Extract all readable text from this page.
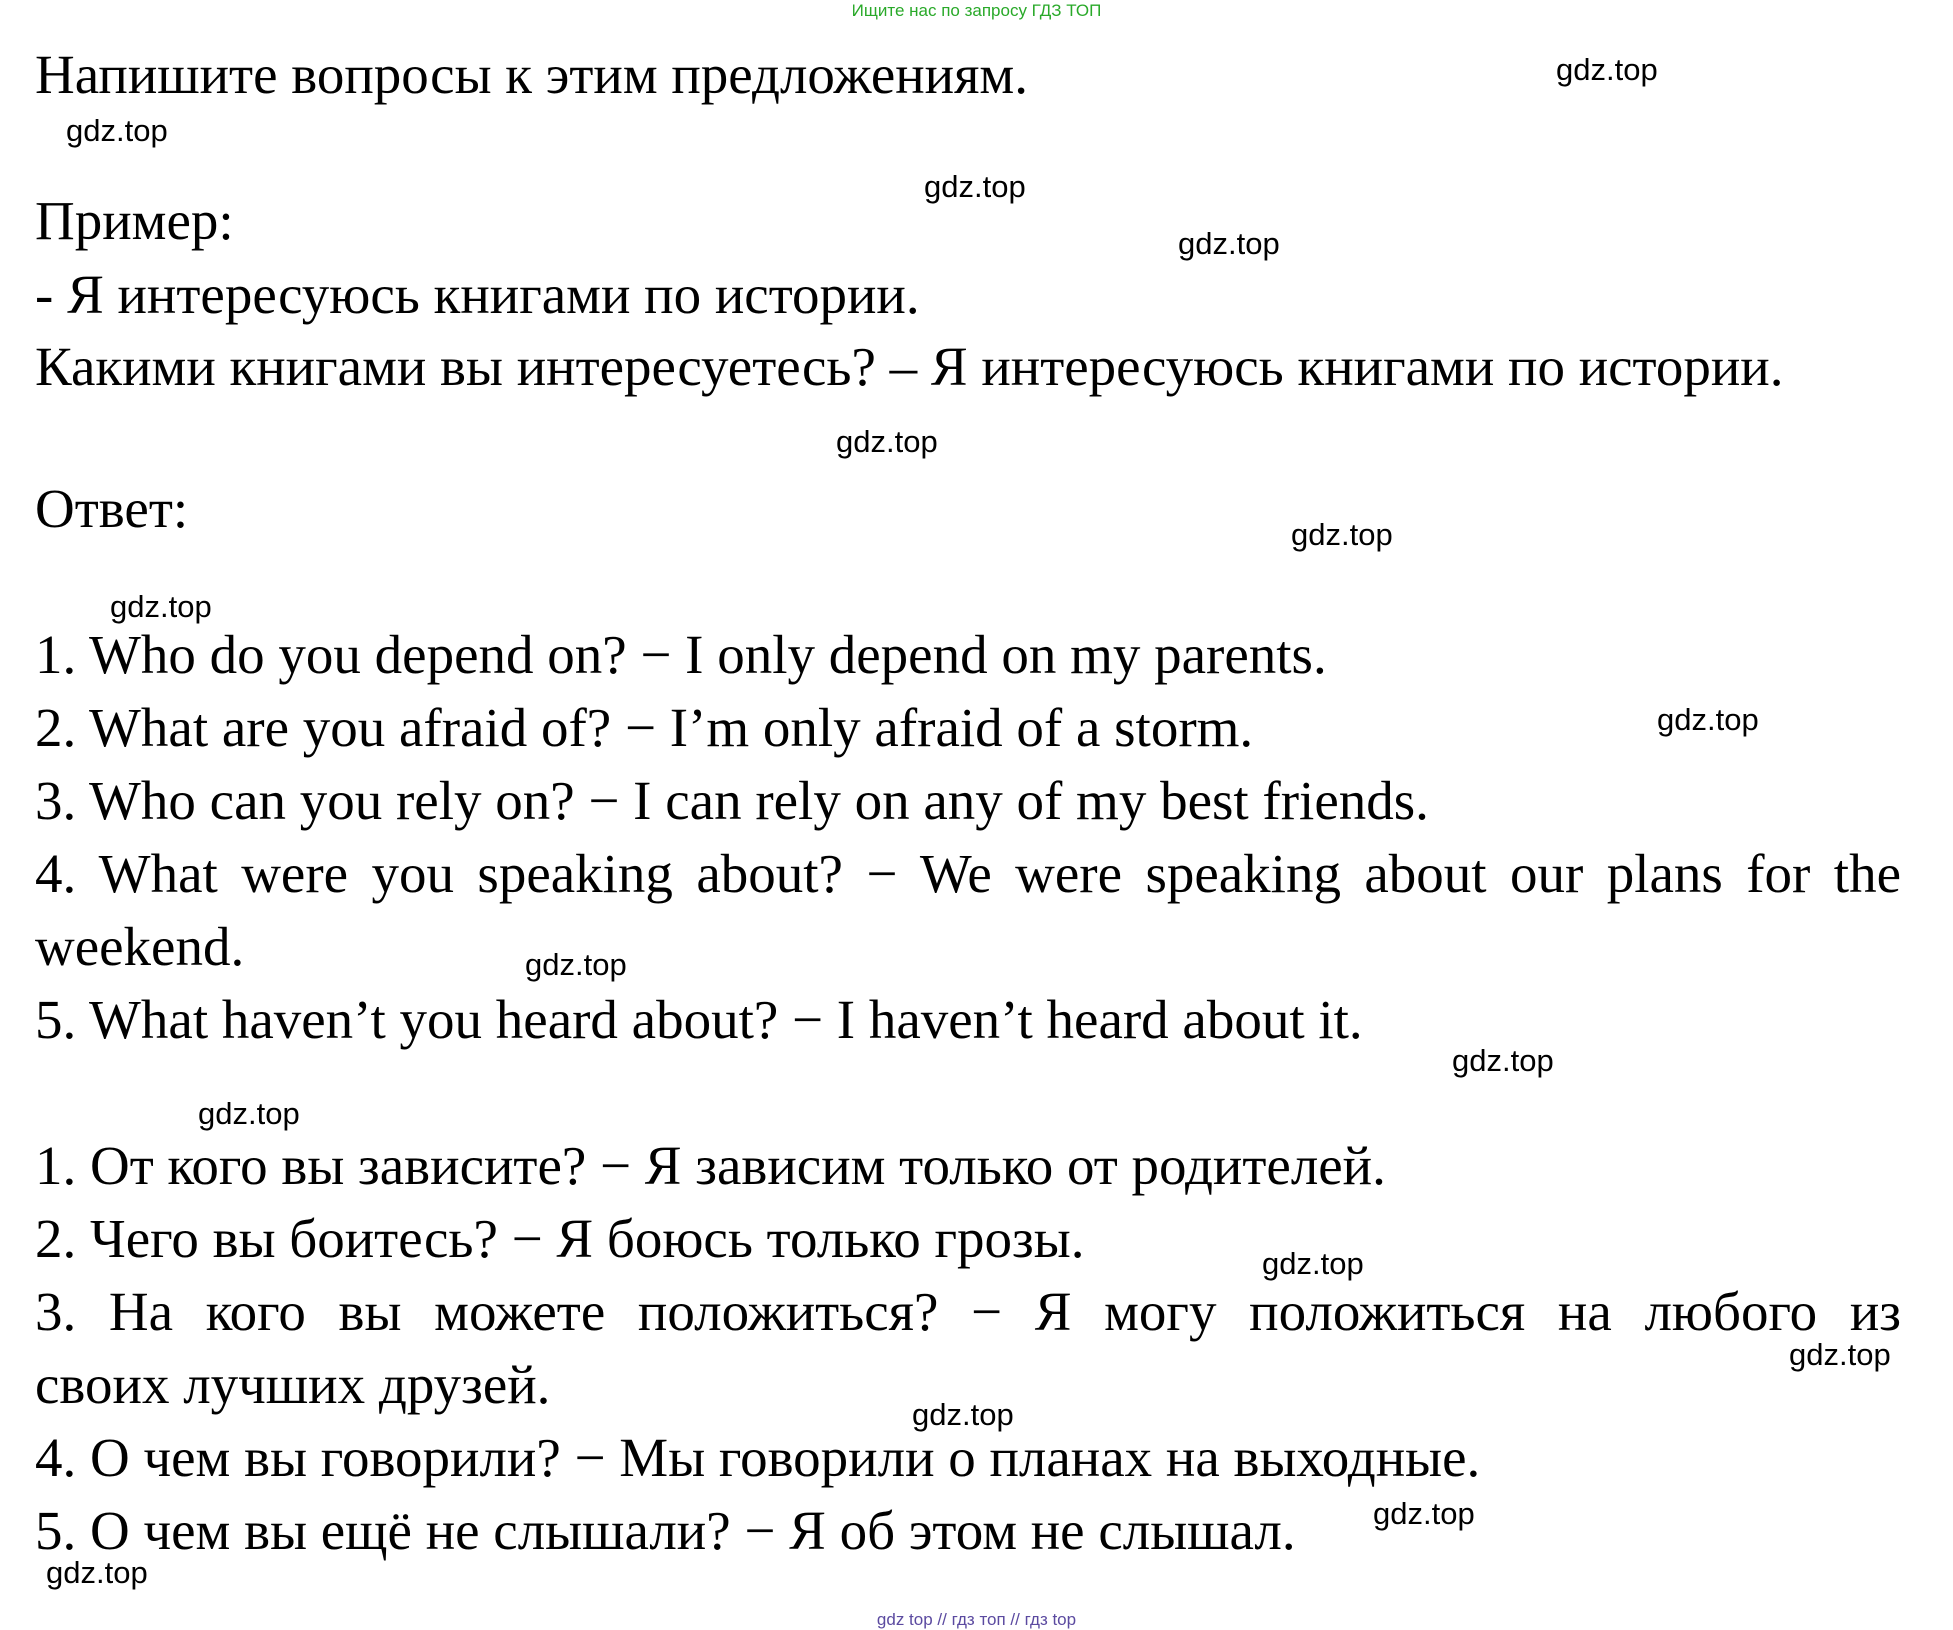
Ищите нас по запросу ГДЗ ТОП
Напишите вопросы к этим предложениям.
Пример:
- Я интересуюсь книгами по истории.
Какими книгами вы интересуетесь? – Я интересуюсь книгами по истории.
Ответ:
1. Who do you depend on? − I only depend on my parents.
2. What are you afraid of? − I’m only afraid of a storm.
3. Who can you rely on? − I can rely on any of my best friends.
4. What were you speaking about? − We were speaking about our plans for the
weekend.
5. What haven’t you heard about? − I haven’t heard about it.
1. От кого вы зависите? − Я зависим только от родителей.
2. Чего вы боитесь? − Я боюсь только грозы.
3. На кого вы можете положиться? − Я могу положиться на любого из
своих лучших друзей.
4. О чем вы говорили? − Мы говорили о планах на выходные.
5. О чем вы ещё не слышали? − Я об этом не слышал.
gdz.top
gdz.top
gdz.top
gdz.top
gdz.top
gdz.top
gdz.top
gdz.top
gdz.top
gdz.top
gdz.top
gdz.top
gdz.top
gdz.top
gdz.top
gdz.top
gdz top // гдз топ // гдз top
